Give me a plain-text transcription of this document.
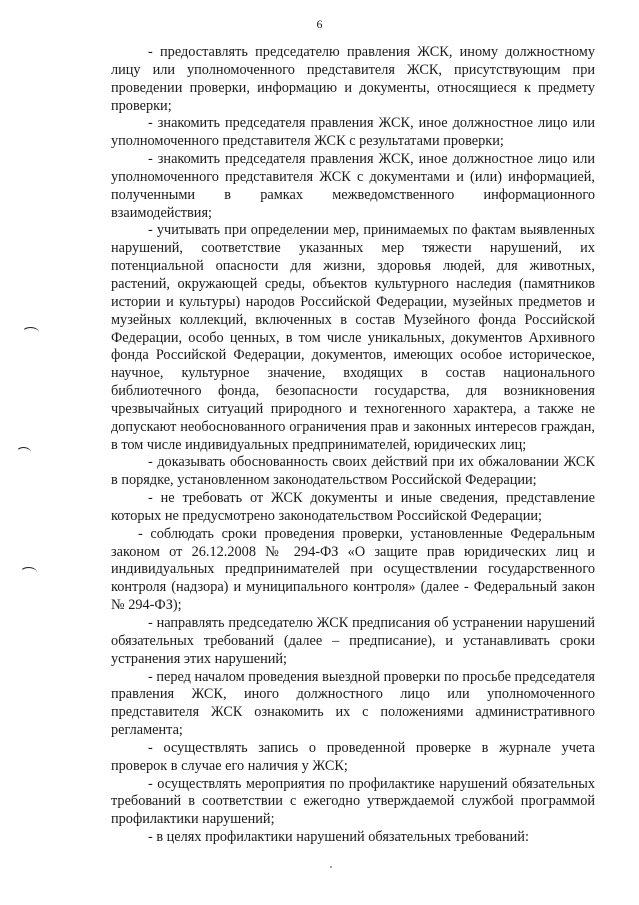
6

- предоставлять председателю правления ЖСК, иному должностному лицу или уполномоченного представителя ЖСК, присутствующим при проведении проверки, информацию и документы, относящиеся к предмету проверки;

- знакомить председателя правления ЖСК, иное должностное лицо или уполномоченного представителя ЖСК с результатами проверки;

- знакомить председателя правления ЖСК, иное должностное лицо или уполномоченного представителя ЖСК с документами и (или) информацией, полученными в рамках межведомственного информационного взаимодействия;

- учитывать при определении мер, принимаемых по фактам выявленных нарушений, соответствие указанных мер тяжести нарушений, их потенциальной опасности для жизни, здоровья людей, для животных, растений, окружающей среды, объектов культурного наследия (памятников истории и культуры) народов Российской Федерации, музейных предметов и музейных коллекций, включенных в состав Музейного фонда Российской Федерации, особо ценных, в том числе уникальных, документов Архивного фонда Российской Федерации, документов, имеющих особое историческое, научное, культурное значение, входящих в состав национального библиотечного фонда, безопасности государства, для возникновения чрезвычайных ситуаций природного и техногенного характера, а также не допускают необоснованного ограничения прав и законных интересов граждан, в том числе индивидуальных предпринимателей, юридических лиц;

- доказывать обоснованность своих действий при их обжаловании ЖСК в порядке, установленном законодательством Российской Федерации;

- не требовать от ЖСК документы и иные сведения, представление которых не предусмотрено законодательством Российской Федерации;

- соблюдать сроки проведения проверки, установленные Федеральным законом от 26.12.2008 № 294-ФЗ «О защите прав юридических лиц и индивидуальных предпринимателей при осуществлении государственного контроля (надзора) и муниципального контроля» (далее - Федеральный закон № 294-ФЗ);

- направлять председателю ЖСК предписания об устранении нарушений обязательных требований (далее – предписание), и устанавливать сроки устранения этих нарушений;

- перед началом проведения выездной проверки по просьбе председателя правления ЖСК, иного должностного лицо или уполномоченного представителя ЖСК ознакомить их с положениями административного регламента;

- осуществлять запись о проведенной проверке в журнале учета проверок в случае его наличия у ЖСК;

- осуществлять мероприятия по профилактике нарушений обязательных требований в соответствии с ежегодно утверждаемой службой программой профилактики нарушений;

- в целях профилактики нарушений обязательных требований:
